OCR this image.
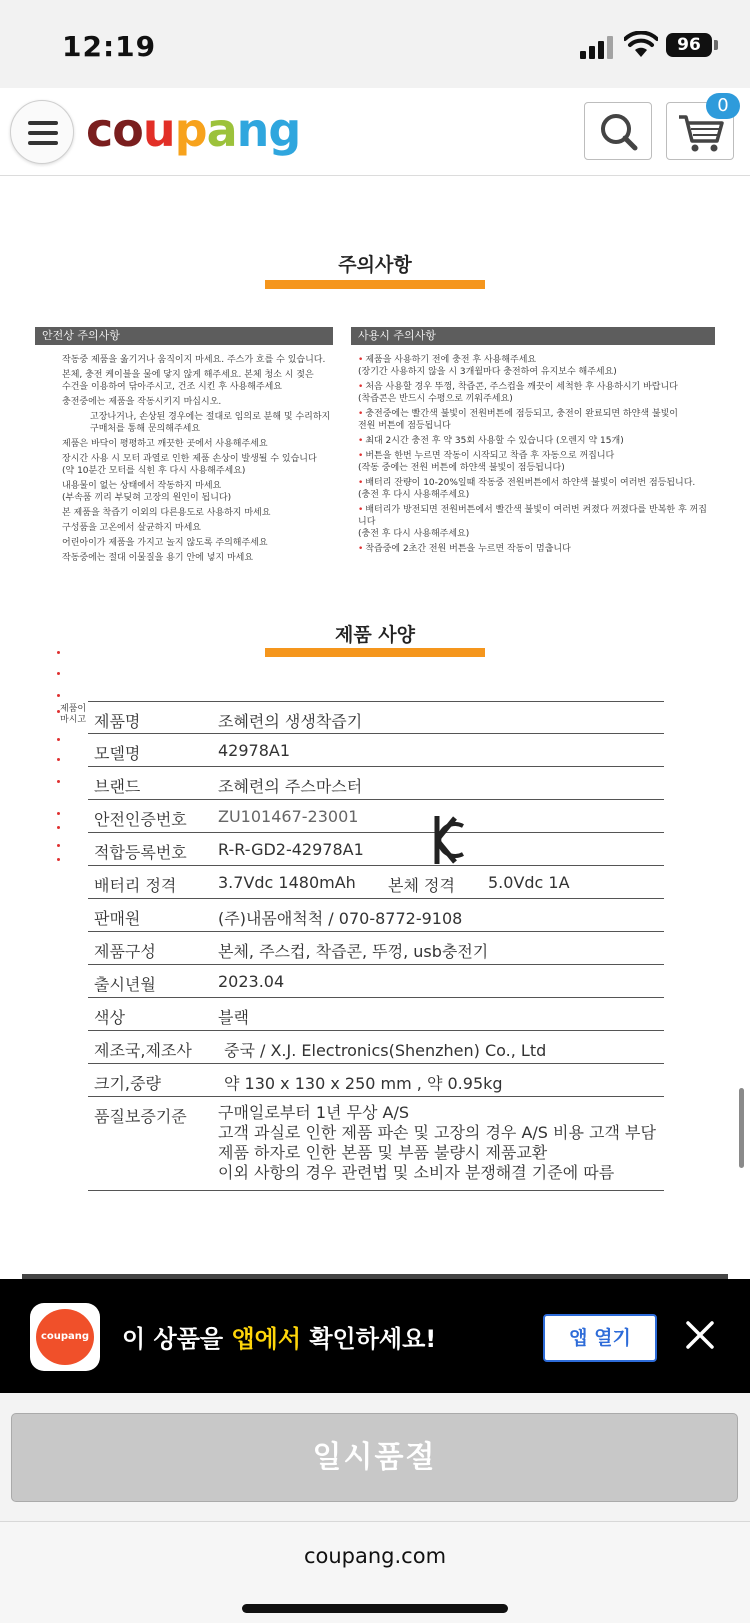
12:19	96
coupang	0
주의사항
안전상 주의사항
작동중 제품을 옮기거나 움직이지 마세요. 주스가 흐를 수 있습니다.
본체, 충전 케이블을 물에 닿지 않게 해주세요. 본체 청소 시 젖은
수건을 이용하여 닦아주시고, 건조 시킨 후 사용해주세요
충전중에는 제품을 작동시키지 마십시오.
고장나거나, 손상된 경우에는 절대로 임의로 분해 및 수리하지
구매처를 통해 문의해주세요
제품은 바닥이 평평하고 깨끗한 곳에서 사용해주세요
장시간 사용 시 모터 과열로 인한 제품 손상이 발생될 수 있습니다
(약 10분간 모터를 식힌 후 다시 사용해주세요)
내용물이 없는 상태에서 작동하지 마세요
(부속품 끼리 부딪혀 고장의 원인이 됩니다)
본 제품을 착즙기 이외의 다른용도로 사용하지 마세요
구성품을 고온에서 살균하지 마세요
어린아이가 제품을 가지고 놀지 않도록 주의해주세요
작동중에는 절대 이물질을 용기 안에 넣지 마세요
사용시 주의사항
• 제품을 사용하기 전에 충전 후 사용해주세요
(장기간 사용하지 않을 시 3개월마다 충전하여 유지보수 해주세요)
• 처음 사용할 경우 뚜껑, 착즙콘, 주스컵을 깨끗이 세척한 후 사용하시기 바랍니다
(착즙콘은 반드시 수평으로 끼워주세요)
• 충전중에는 빨간색 불빛이 전원버튼에 점등되고, 충전이 완료되면 하얀색 불빛이
전원 버튼에 점등됩니다
• 최대 2시간 충전 후 약 35회 사용할 수 있습니다 (오렌지 약 15개)
• 버튼을 한번 누르면 작동이 시작되고 착즙 후 자동으로 꺼집니다
(작동 중에는 전원 버튼에 하얀색 불빛이 점등됩니다)
• 배터리 잔량이 10-20%일때 작동중 전원버튼에서 하얀색 불빛이 여러번 점등됩니다.
(충전 후 다시 사용해주세요)
• 배터리가 방전되면 전원버튼에서 빨간색 불빛이 여러번 켜졌다 꺼졌다를 반복한 후 꺼집니다
(충전 후 다시 사용해주세요)
• 착즙중에 2초간 전원 버튼을 누르면 작동이 멈춥니다
제품 사양
제품이
마시고 제품명	조혜련의 생생착즙기
모델명	42978A1
브랜드	조혜련의 주스마스터
안전인증번호 ZU101467-23001
적합등록번호 R-R-GD2-42978A1
배터리 정격	3.7Vdc 1480mAh 본체 정격 5.0Vdc 1A
판매원	(주)내몸애척척 / 070-8772-9108
제품구성	본체, 주스컵, 착즙콘, 뚜껑, usb충전기
출시년월	2023.04
색상	블랙
제조국,제조사 중국 / X.J. Electronics(Shenzhen) Co., Ltd
크기,중량	약 130 x 130 x 250 mm , 약 0.95kg
품질보증기준 구매일로부터 1년 무상 A/S
고객 과실로 인한 제품 파손 및 고장의 경우 A/S 비용 고객 부담
제품 하자로 인한 본품 및 부품 불량시 제품교환
이외 사항의 경우 관련법 및 소비자 분쟁해결 기준에 따름
coupang 이 상품을 앱에서 확인하세요!	앱 열기
일시품절
coupang.com
